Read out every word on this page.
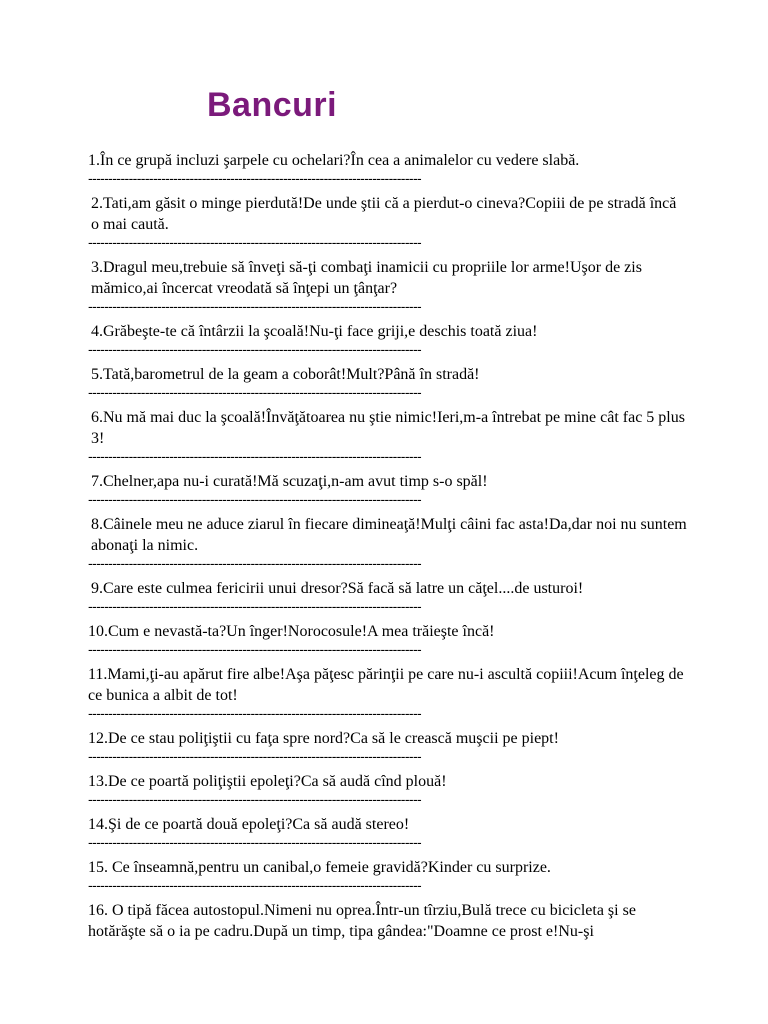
Bancuri

1.În ce grupă incluzi şarpele cu ochelari?În cea a animalelor cu vedere slabă.

----------------------------------------------------------------------------------

2.Tati,am găsit o minge pierdută!De unde ştii că a pierdut-o cineva?Copiii de pe stradă încă o mai caută.

----------------------------------------------------------------------------------

3.Dragul meu,trebuie să înveţi să-ţi combaţi inamicii cu propriile lor arme!Uşor de zis mămico,ai încercat vreodată să înţepi un ţânţar?

----------------------------------------------------------------------------------

4.Grăbeşte-te că întârzii la şcoală!Nu-ţi face griji,e deschis toată ziua!

----------------------------------------------------------------------------------

5.Tată,barometrul de la geam a coborât!Mult?Până în stradă!

----------------------------------------------------------------------------------

6.Nu mă mai duc la şcoală!Învăţătoarea nu ştie nimic!Ieri,m-a întrebat pe mine cât fac 5 plus 3!

----------------------------------------------------------------------------------

7.Chelner,apa nu-i curată!Mă scuzaţi,n-am avut timp s-o spăl!

----------------------------------------------------------------------------------

8.Câinele meu ne aduce ziarul în fiecare dimineaţă!Mulţi câini fac asta!Da,dar noi nu suntem abonaţi la nimic.

----------------------------------------------------------------------------------

9.Care este culmea fericirii unui dresor?Să facă să latre un căţel....de usturoi!

----------------------------------------------------------------------------------

10.Cum e nevastă-ta?Un înger!Norocosule!A mea trăieşte încă!

----------------------------------------------------------------------------------

11.Mami,ţi-au apărut fire albe!Aşa păţesc părinţii pe care nu-i ascultă copiii!Acum înţeleg de ce bunica a albit de tot!

----------------------------------------------------------------------------------

12.De ce stau poliţiştii cu faţa spre nord?Ca să le crească muşcii pe piept!

----------------------------------------------------------------------------------

13.De ce poartă poliţiştii epoleţi?Ca să audă cînd plouă!

----------------------------------------------------------------------------------

14.Şi de ce poartă două epoleţi?Ca să audă stereo!

----------------------------------------------------------------------------------

15. Ce înseamnă,pentru un canibal,o femeie gravidă?Kinder cu surprize.

----------------------------------------------------------------------------------

16. O tipă făcea autostopul.Nimeni nu oprea.Într-un tîrziu,Bulă trece cu bicicleta şi se hotărăşte să o ia pe cadru.După un timp, tipa gândea:"Doamne ce prost e!Nu-şi
